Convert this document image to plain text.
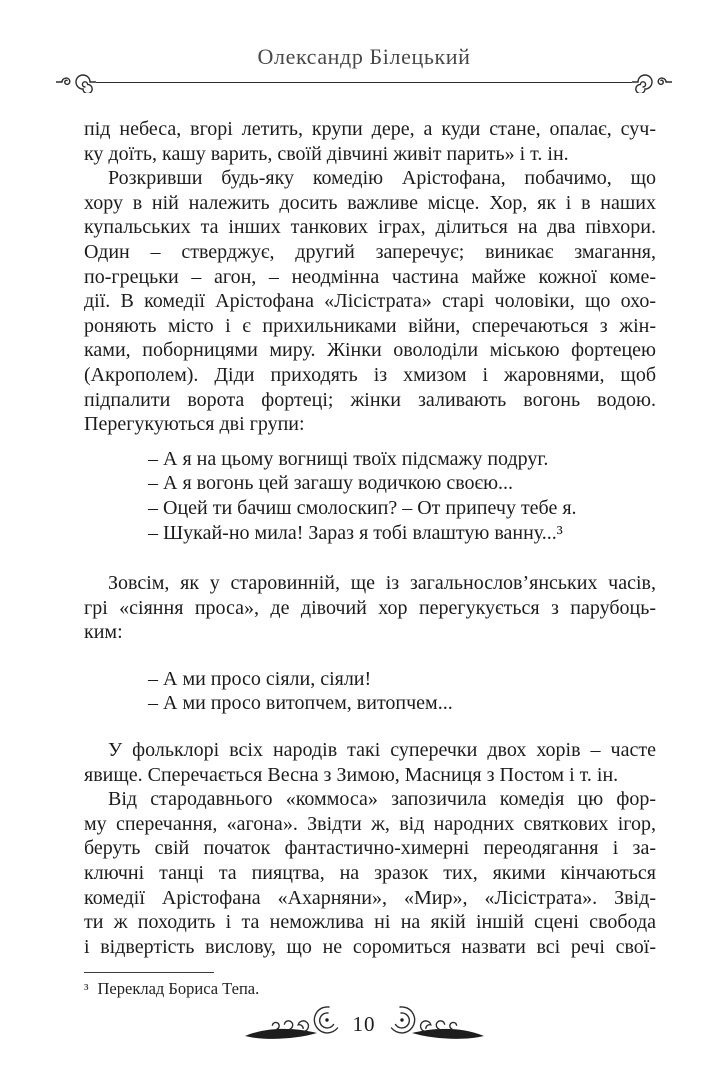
Олександр Білецький
під небеса, вгорі летить, крупи дере, а куди стане, опалає, суч-
ку доїть, кашу варить, своїй дівчині живіт парить» і т. ін.
Розкривши будь-яку комедію Арістофана, побачимо, що
хору в ній належить досить важливе місце. Хор, як і в наших
купальських та інших танкових іграх, ділиться на два півхори.
Один – стверджує, другий заперечує; виникає змагання,
по-грецьки – агон, – неодмінна частина майже кожної коме-
дії. В комедії Арістофана «Лісістрата» старі чоловіки, що охо-
роняють місто і є прихильниками війни, сперечаються з жін-
ками, поборницями миру. Жінки оволоділи міською фортецею
(Акрополем). Діди приходять із хмизом і жаровнями, щоб
підпалити ворота фортеці; жінки заливають вогонь водою.
Перегукуються дві групи:
– А я на цьому вогнищі твоїх підсмажу подруг.
– А я вогонь цей загашу водичкою своєю...
– Оцей ти бачиш смолоскип? – От припечу тебе я.
– Шукай-но мила! Зараз я тобі влаштую ванну...³
Зовсім, як у старовинній, ще із загальнослов’янських часів,
грі «сіяння проса», де дівочий хор перегукується з парубоць-
ким:
– А ми просо сіяли, сіяли!
– А ми просо витопчем, витопчем...
У фольклорі всіх народів такі суперечки двох хорів – часте
явище. Сперечається Весна з Зимою, Масниця з Постом і т. ін.
Від стародавнього «коммоса» запозичила комедія цю фор-
му сперечання, «агона». Звідти ж, від народних святкових ігор,
беруть свій початок фантастично-химерні переодягання і за-
ключні танці та пияцтва, на зразок тих, якими кінчаються
комедії Арістофана «Ахарняни», «Мир», «Лісістрата». Звід-
ти ж походить і та неможлива ні на якій іншій сцені свобода
і відвертість вислову, що не соромиться назвати всі речі свої-
³ Переклад Бориса Тепа.
10
